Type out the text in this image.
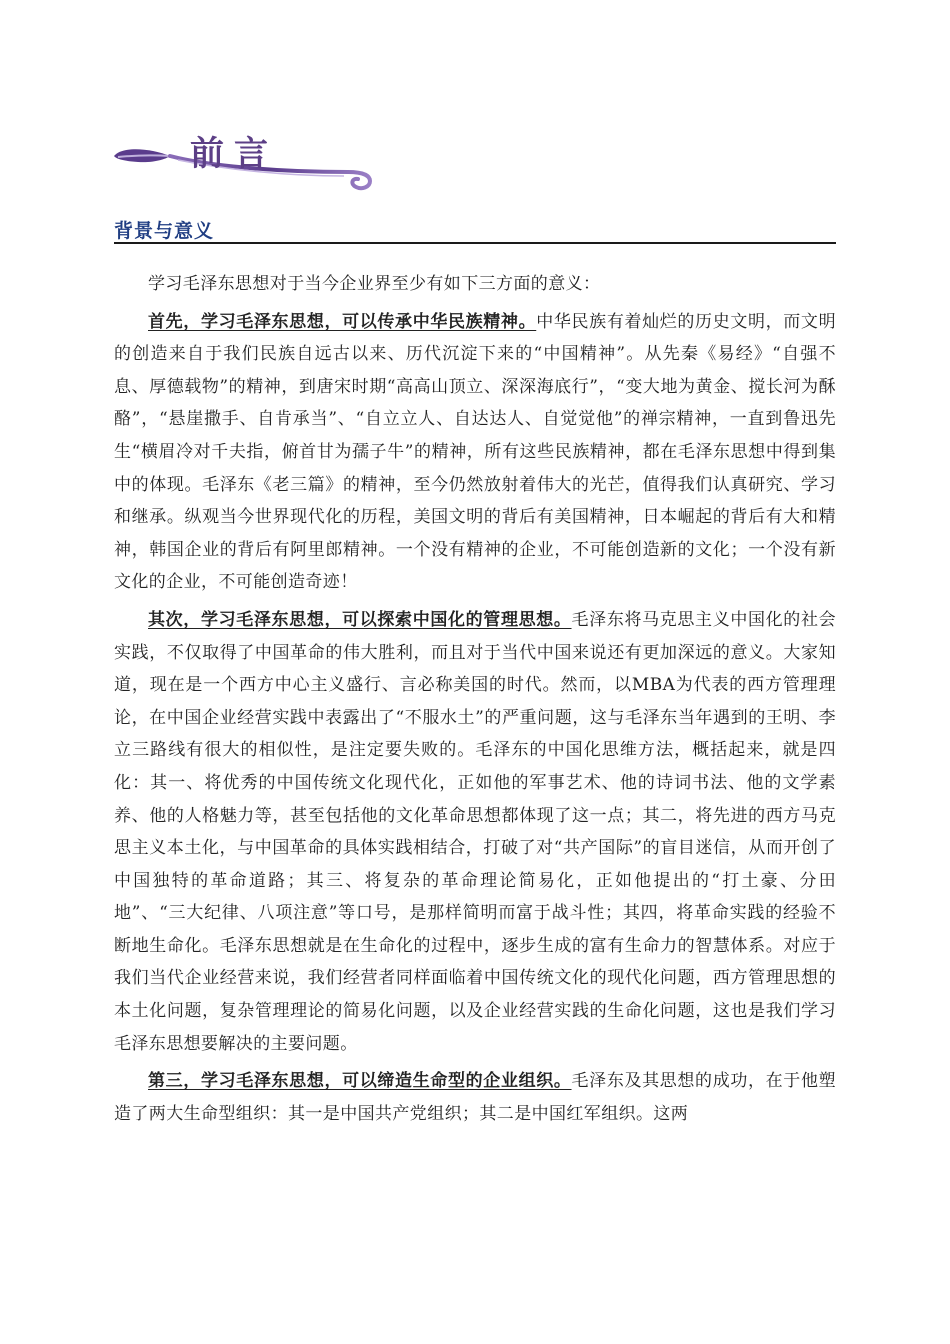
前言
背景与意义

学习毛泽东思想对于当今企业界至少有如下三方面的意义：

首先，学习毛泽东思想，可以传承中华民族精神。中华民族有着灿烂的历史文明，而文明的创造来自于我们民族自远古以来、历代沉淀下来的“中国精神”。从先秦《易经》“自强不息、厚德载物”的精神，到唐宋时期“高高山顶立、深深海底行”，“变大地为黄金、搅长河为酥酪”，“悬崖撒手、自肯承当”、“自立立人、自达达人、自觉觉他”的禅宗精神，一直到鲁迅先生“横眉冷对千夫指，俯首甘为孺子牛”的精神，所有这些民族精神，都在毛泽东思想中得到集中的体现。毛泽东《老三篇》的精神，至今仍然放射着伟大的光芒，值得我们认真研究、学习和继承。纵观当今世界现代化的历程，美国文明的背后有美国精神，日本崛起的背后有大和精神，韩国企业的背后有阿里郎精神。一个没有精神的企业，不可能创造新的文化；一个没有新文化的企业，不可能创造奇迹！

其次，学习毛泽东思想，可以探索中国化的管理思想。毛泽东将马克思主义中国化的社会实践，不仅取得了中国革命的伟大胜利，而且对于当代中国来说还有更加深远的意义。大家知道，现在是一个西方中心主义盛行、言必称美国的时代。然而，以MBA为代表的西方管理理论，在中国企业经营实践中表露出了“不服水土”的严重问题，这与毛泽东当年遇到的王明、李立三路线有很大的相似性，是注定要失败的。毛泽东的中国化思维方法，概括起来，就是四化：其一、将优秀的中国传统文化现代化，正如他的军事艺术、他的诗词书法、他的文学素养、他的人格魅力等，甚至包括他的文化革命思想都体现了这一点；其二，将先进的西方马克思主义本土化，与中国革命的具体实践相结合，打破了对“共产国际”的盲目迷信，从而开创了中国独特的革命道路；其三、将复杂的革命理论简易化，正如他提出的“打土豪、分田地”、“三大纪律、八项注意”等口号，是那样简明而富于战斗性；其四，将革命实践的经验不断地生命化。毛泽东思想就是在生命化的过程中，逐步生成的富有生命力的智慧体系。对应于我们当代企业经营来说，我们经营者同样面临着中国传统文化的现代化问题，西方管理思想的本土化问题，复杂管理理论的简易化问题，以及企业经营实践的生命化问题，这也是我们学习毛泽东思想要解决的主要问题。

第三，学习毛泽东思想，可以缔造生命型的企业组织。毛泽东及其思想的成功，在于他塑造了两大生命型组织：其一是中国共产党组织；其二是中国红军组织。这两
